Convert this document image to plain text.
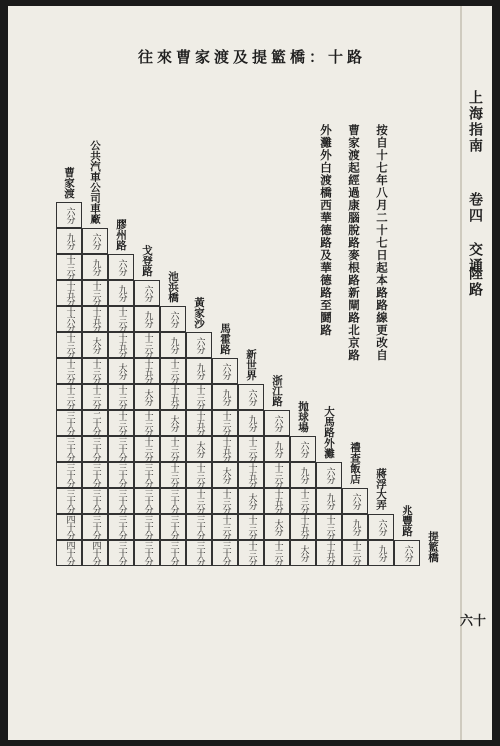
往來曹家渡及提籃橋：十路
按自十七年八月二十七日起本路路線更改自
曹家渡起經過康腦脫路麥根路新閘路北京路
外灘外白渡橋西華德路及華德路至鬪路
上海指南
卷四 交通
陸路
六十
曹家渡 公共汽車公司車廠
膠州路
戈登路
池浜橋
黃家沙
馬霍路
新世界
浙江路
抛球場 大馬路外灘
禮查飯店
蔣浮大弄
兆豐路
提籃橋
六分
九分
十三分
十五分
十六分
十三分
十三分
十三分
三十分
三十分
三十分
三十分
四十分
四十分
六分
九分
十三分
十五分
大分
十三分
十三分
二十分
三十分
三十分
三十分
三十分
四十分
六分
九分
十三分
十五分
大分
十三分
十三分
三十分
三十分
三十分
三十分
三十分
六分
九分
十三分
十五分
大分
十三分
十三分
三十分
三十分
三十分
三十分
六分
九分
十三分
十五分
大分
十三分
十三分
三十分
三十分
三十分
六分
九分
十三分
十五分
大分
十三分
十三分
三十分
三十分
六分
九分
十三分
十五分
大分
十三分
十三分
三十分
六分
九分
十三分
十五分
大分
十三分
十三分
六分
九分
十三分
十五分
大分
十三分
六分
九分
十三分
十五分
大分
六分
九分
十三分
十五分
六分
九分
十三分
六分
九分 六分
